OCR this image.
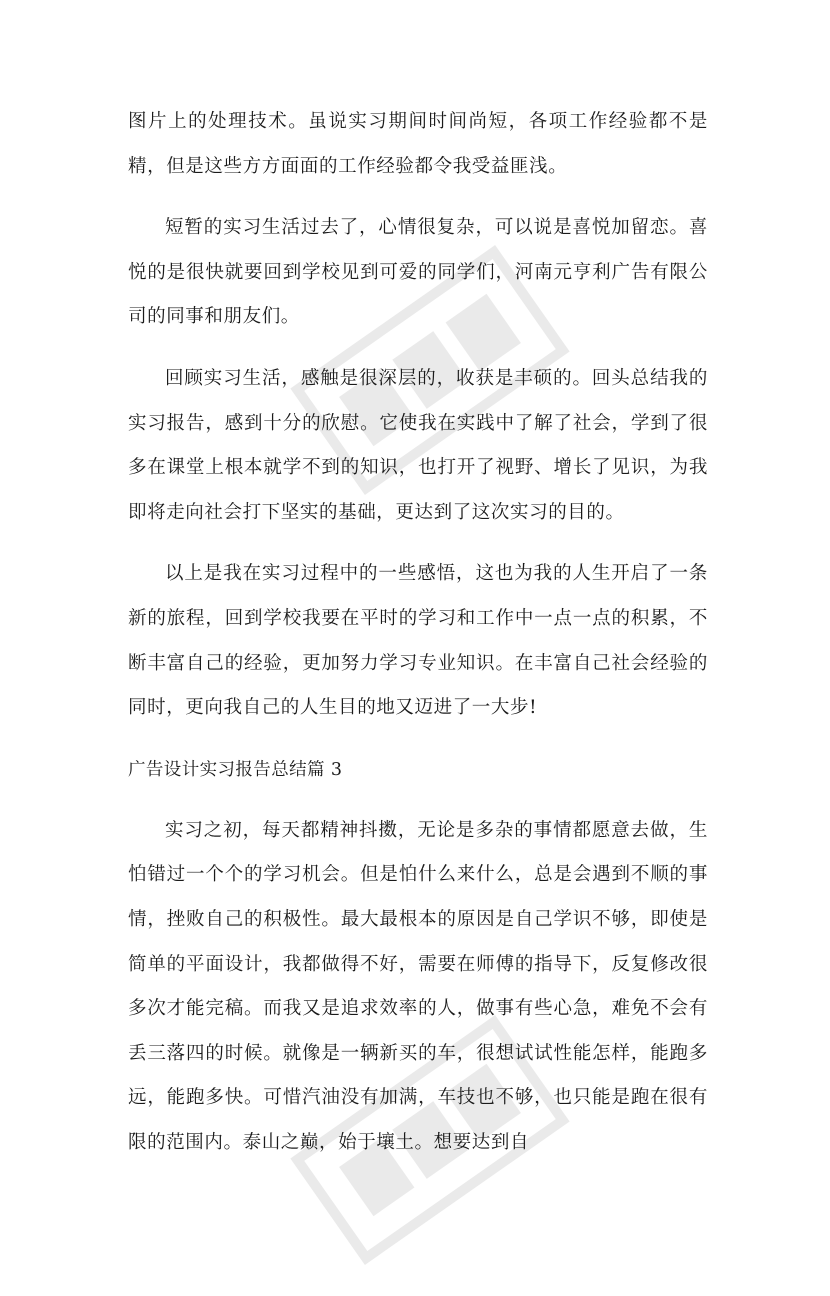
图片上的处理技术。虽说实习期间时间尚短，各项工作经验都不是精，但是这些方方面面的工作经验都令我受益匪浅。

短暂的实习生活过去了，心情很复杂，可以说是喜悦加留恋。喜悦的是很快就要回到学校见到可爱的同学们，河南元亨利广告有限公司的同事和朋友们。

回顾实习生活，感触是很深层的，收获是丰硕的。回头总结我的实习报告，感到十分的欣慰。它使我在实践中了解了社会，学到了很多在课堂上根本就学不到的知识，也打开了视野、增长了见识，为我即将走向社会打下坚实的基础，更达到了这次实习的目的。

以上是我在实习过程中的一些感悟，这也为我的人生开启了一条新的旅程，回到学校我要在平时的学习和工作中一点一点的积累，不断丰富自己的经验，更加努力学习专业知识。在丰富自己社会经验的同时，更向我自己的人生目的地又迈进了一大步!

广告设计实习报告总结篇 3

实习之初，每天都精神抖擞，无论是多杂的事情都愿意去做，生怕错过一个个的学习机会。但是怕什么来什么，总是会遇到不顺的事情，挫败自己的积极性。最大最根本的原因是自己学识不够，即使是简单的平面设计，我都做得不好，需要在师傅的指导下，反复修改很多次才能完稿。而我又是追求效率的人，做事有些心急，难免不会有丢三落四的时候。就像是一辆新买的车，很想试试性能怎样，能跑多远，能跑多快。可惜汽油没有加满，车技也不够，也只能是跑在很有限的范围内。泰山之巅，始于壤土。想要达到自
